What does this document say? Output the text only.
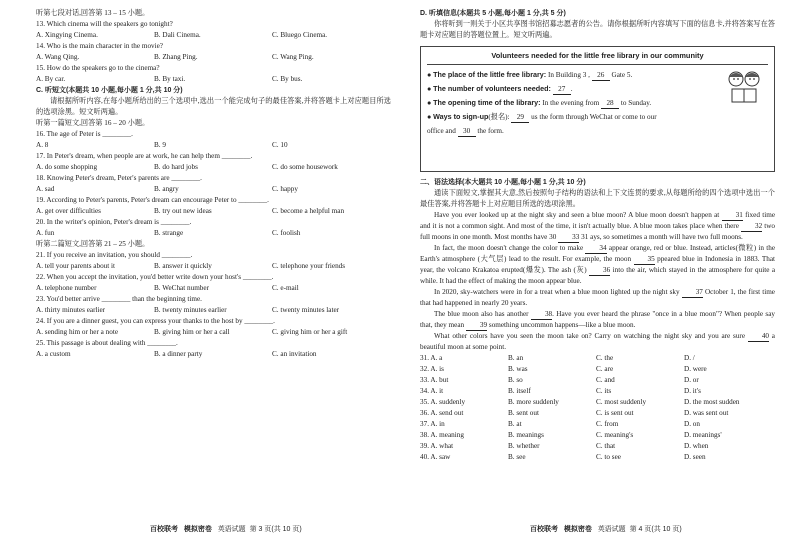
听第七段对话,回答第 13 – 15 小题。
13. Which cinema will the speakers go tonight?
A. Xingying Cinema.	B. Dali Cinema.	C. Bluego Cinema.
14. Who is the main character in the movie?
A. Wang Qing.	B. Zhang Ping.	C. Wang Ping.
15. How do the speakers go to the cinema?
A. By car.	B. By taxi.	C. By bus.
C. 听短文(本题共 10 小题,每小题 1 分,共 10 分)
请根据所听内容,在每小题所给出的三个选项中,选出一个能完成句子的最佳答案,并将答题卡上对应题目所选的选项涂黑。短文听两遍。
听第一篇短文,回答第 16 – 20 小题。
16. The age of Peter is ________.
A. 8	B. 9	C. 10
17. In Peter's dream, when people are at work, he can help them ________.
A. do some shopping	B. do hard jobs	C. do some housework
18. Knowing Peter's dream, Peter's parents are ________.
A. sad	B. angry	C. happy
19. According to Peter's parents, Peter's dream can encourage Peter to ________.
A. get over difficulties	B. try out new ideas	C. become a helpful man
20. In the writer's opinion, Peter's dream is ________.
A. fun	B. strange	C. foolish
听第二篇短文,回答第 21 – 25 小题。
21. If you receive an invitation, you should ________.
A. tell your parents about it	B. answer it quickly	C. telephone your friends
22. When you accept the invitation, you'd better write down your host's ________.
A. telephone number	B. WeChat number	C. e-mail
23. You'd better arrive ________ than the beginning time.
A. thirty minutes earlier	B. twenty minutes earlier	C. twenty minutes later
24. If you are a dinner guest, you can express your thanks to the host by ________.
A. sending him or her a note	B. giving him or her a call	C. giving him or her a gift
25. This passage is about dealing with ________.
A. a custom	B. a dinner party	C. an invitation
百校联考 模拟密卷 英语试题 第 3 页(共 10 页)
D. 听填信息(本题共 5 小题,每小题 1 分,共 5 分)
你将听到一则关于小区共享图书馆招募志愿者的公告。请你根据所听内容填写下面的信息卡,并将答案写在答题卡对应题目的答题位置上。短文听两遍。
Volunteers needed for the little free library in our community
● The place of the little free library: In Building 3 , 26 Gate 5.
● The number of volunteers needed: 27 .
● The opening time of the library: In the evening from 28 to Sunday.
● Ways to sign-up(报名): 29 us the form through WeChat or come to our
office and 30 the form.
二、语法选择(本大题共 10 小题,每小题 1 分,共 10 分)
通读下面短文,掌握其大意,然后按照句子结构的语法和上下文连贯的要求,从每题所给的四个选项中选出一个最佳答案,并将答题卡上对应题目所选的选项涂黑。
Have you ever looked up at the night sky and seen a blue moon? A blue moon doesn't happen at 31 fixed time and it is not a common sight. And most of the time, it isn't actually blue. A blue moon takes place when there 32 two full moons in one month. Most months have 30 33 31 ays, so sometimes a month will have two full moons.
In fact, the moon doesn't change the color to make 34 appear orange, red or blue. Instead, articles(微粒) in the Earth's atmosphere (大气层) lead to the result. For example, the moon 35 ppeared blue in Indonesia in 1883. That year, the volcano Krakatoa erupted(爆发). The ash (灰) 36 into the air, which stayed in the atmosphere for quite a while. It had the effect of making the moon appear blue.
In 2020, sky-watchers were in for a treat when a blue moon lighted up the night sky 37 October 1, the first time that had happened in nearly 20 years.
The blue moon also has another 38. Have you ever heard the phrase "once in a blue moon"? When people say that, they mean 39 something uncommon happens—like a blue moon.
What other colors have you seen the moon take on? Carry on watching the night sky and you are sure 40 a beautiful moon at some point.
31. A. a	B. an	C. the	D. /
32. A. is	B. was	C. are	D. were
33. A. but	B. so	C. and	D. or
34. A. it	B. itself	C. its	D. it's
35. A. suddenly	B. more suddenly	C. most suddenly	D. the most sudden
36. A. send out	B. sent out	C. is sent out	D. was sent out
37. A. in	B. at	C. from	D. on
38. A. meaning	B. meanings	C. meaning's	D. meanings'
39. A. what	B. whether	C. that	D. when
40. A. saw	B. see	C. to see	D. seen
百校联考 模拟密卷 英语试题 第 4 页(共 10 页)
